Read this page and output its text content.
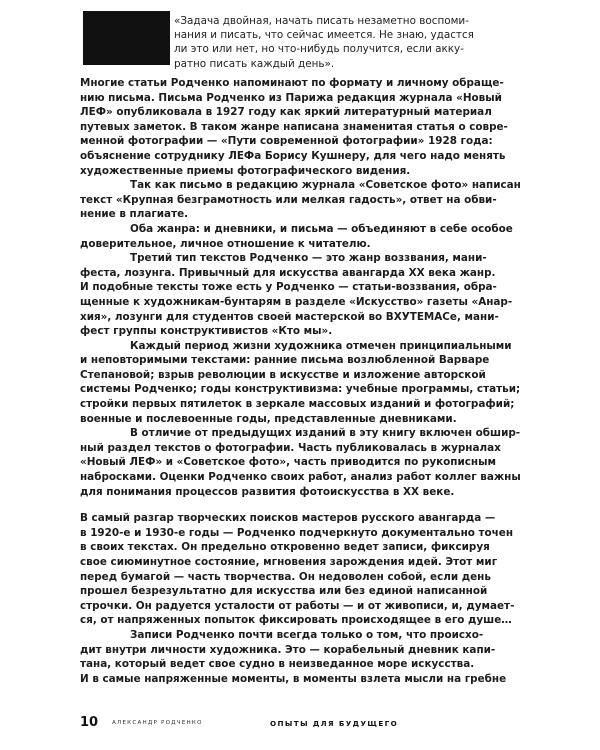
«Задача двойная, начать писать незаметно воспоми-
нания и писать, что сейчас имеется. Не знаю, удастся
ли это или нет, но что-нибудь получится, если акку-
ратно писать каждый день».
Многие статьи Родченко напоминают по формату и личному обраще-
нию письма. Письма Родченко из Парижа редакция журнала «Новый
ЛЕФ» опубликовала в 1927 году как яркий литературный материал
путевых заметок. В таком жанре написана знаменитая статья о совре-
менной фотографии — «Пути современной фотографии» 1928 года:
объяснение сотруднику ЛЕФа Борису Кушнеру, для чего надо менять
художественные приемы фотографического видения.
Так как письмо в редакцию журнала «Советское фото» написан
текст «Крупная безграмотность или мелкая гадость», ответ на обви-
нение в плагиате.
Оба жанра: и дневники, и письма — объединяют в себе особое
доверительное, личное отношение к читателю.
Третий тип текстов Родченко — это жанр воззвания, мани-
феста, лозунга. Привычный для искусства авангарда XX века жанр.
И подобные тексты тоже есть у Родченко — статьи-воззвания, обра-
щенные к художникам-бунтарям в разделе «Искусство» газеты «Анар-
хия», лозунги для студентов своей мастерской во ВХУТЕМАСе, мани-
фест группы конструктивистов «Кто мы».
Каждый период жизни художника отмечен принципиальными
и неповторимыми текстами: ранние письма возлюбленной Варваре
Степановой; взрыв революции в искусстве и изложение авторской
системы Родченко; годы конструктивизма: учебные программы, статьи;
стройки первых пятилеток в зеркале массовых изданий и фотографий;
военные и послевоенные годы, представленные дневниками.
В отличие от предыдущих изданий в эту книгу включен обшир-
ный раздел текстов о фотографии. Часть публиковалась в журналах
«Новый ЛЕФ» и «Советское фото», часть приводится по рукописным
набросками. Оценки Родченко своих работ, анализ работ коллег важны
для понимания процессов развития фотоискусства в XX веке.
В самый разгар творческих поисков мастеров русского авангарда —
в 1920-е и 1930-е годы — Родченко подчеркнуто документально точен
в своих текстах. Он предельно откровенно ведет записи, фиксируя
свое сиюминутное состояние, мгновения зарождения идей. Этот миг
перед бумагой — часть творчества. Он недоволен собой, если день
прошел безрезультатно для искусства или без единой написанной
строчки. Он радуется усталости от работы — и от живописи, и, думает-
ся, от напряженных попыток фиксировать происходящее в его душе…
Записи Родченко почти всегда только о том, что происхо-
дит внутри личности художника. Это — корабельный дневник капи-
тана, который ведет свое судно в неизведанное море искусства.
И в самые напряженные моменты, в моменты взлета мысли на гребне
10 АЛЕКСАНДР РОДЧЕНКО	ОПЫТЫ ДЛЯ БУДУЩЕГО
